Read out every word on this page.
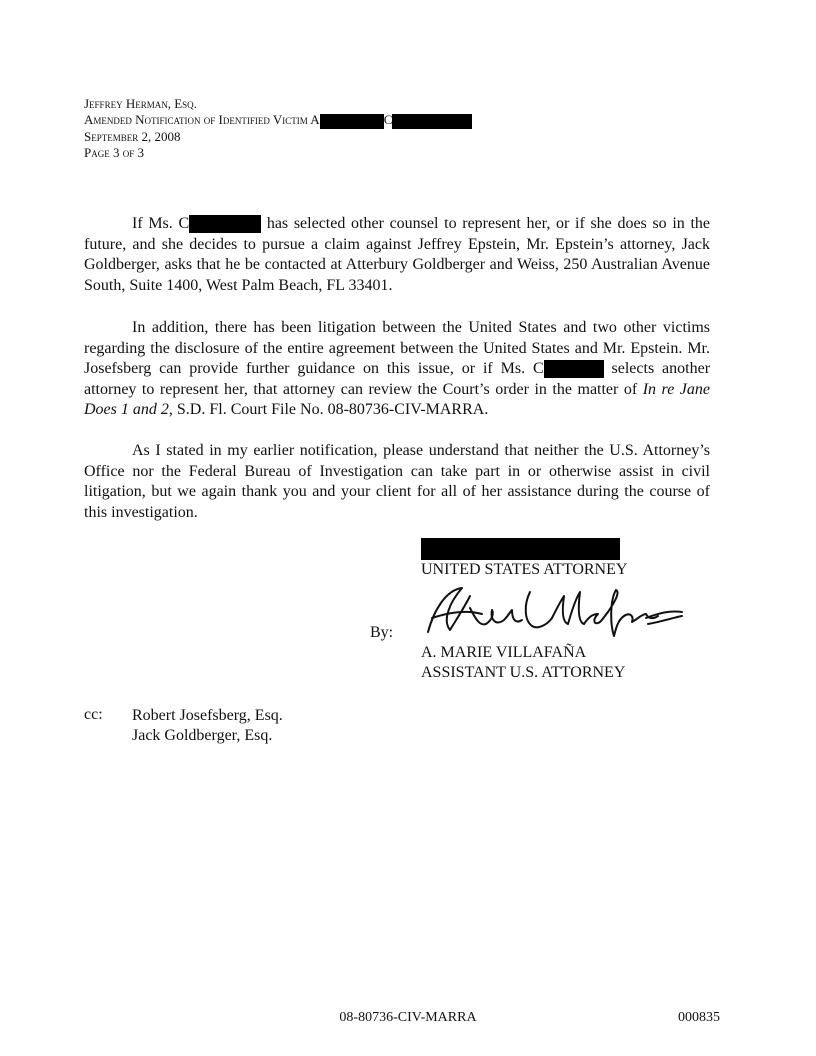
Jeffrey Herman, Esq.
Amended Notification of Identified Victim A	C
September 2, 2008
Page 3 of 3

If Ms. C	has selected other counsel to represent her, or if she does so in the future, and she decides to pursue a claim against Jeffrey Epstein, Mr. Epstein’s attorney, Jack Goldberger, asks that he be contacted at Atterbury Goldberger and Weiss, 250 Australian Avenue South, Suite 1400, West Palm Beach, FL 33401.

In addition, there has been litigation between the United States and two other victims regarding the disclosure of the entire agreement between the United States and Mr. Epstein. Mr. Josefsberg can provide further guidance on this issue, or if Ms. C	selects another attorney to represent her, that attorney can review the Court’s order in the matter of In re Jane Does 1 and 2, S.D. Fl. Court File No. 08-80736-CIV-MARRA.

As I stated in my earlier notification, please understand that neither the U.S. Attorney’s Office nor the Federal Bureau of Investigation can take part in or otherwise assist in civil litigation, but we again thank you and your client for all of her assistance during the course of this investigation.

UNITED STATES ATTORNEY
By:
A. MARIE VILLAFAÑA
ASSISTANT U.S. ATTORNEY
cc: Robert Josefsberg, Esq.
Jack Goldberger, Esq.
08-80736-CIV-MARRA	000835
